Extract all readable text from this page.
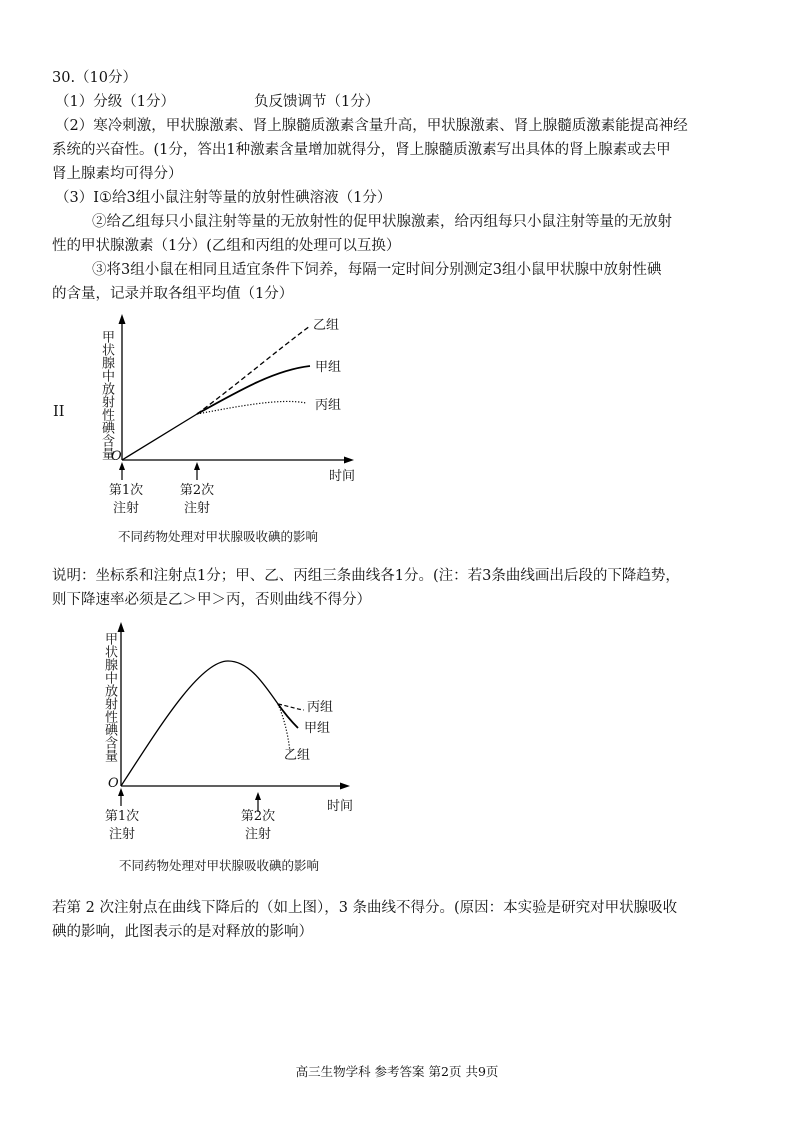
30.（10分）
（1）分级（1分）	负反馈调节（1分）
（2）寒冷刺激，甲状腺激素、肾上腺髓质激素含量升高，甲状腺激素、肾上腺髓质激素能提高神经
系统的兴奋性。(1分，答出1种激素含量增加就得分，肾上腺髓质激素写出具体的肾上腺素或去甲
肾上腺素均可得分）
（3）I①给3组小鼠注射等量的放射性碘溶液（1分）
②给乙组每只小鼠注射等量的无放射性的促甲状腺激素，给丙组每只小鼠注射等量的无放射
性的甲状腺激素（1分）(乙组和丙组的处理可以互换）
③将3组小鼠在相同且适宜条件下饲养，每隔一定时间分别测定3组小鼠甲状腺中放射性碘
的含量，记录并取各组平均值（1分）
II	甲状腺中放射性碘含量
O
时间
第1次注射
第2次注射
乙组
甲组
丙组
不同药物处理对甲状腺吸收碘的影响
说明：坐标系和注射点1分；甲、乙、丙组三条曲线各1分。(注：若3条曲线画出后段的下降趋势，
则下降速率必须是乙＞甲＞丙，否则曲线不得分）
甲状腺中放射性碘含量
O
时间
第1次注射
第2次注射
丙组
甲组
乙组
不同药物处理对甲状腺吸收碘的影响
若第 2 次注射点在曲线下降后的（如上图），3 条曲线不得分。(原因：本实验是研究对甲状腺吸收
碘的影响，此图表示的是对释放的影响）
高三生物学科 参考答案 第2页 共9页
